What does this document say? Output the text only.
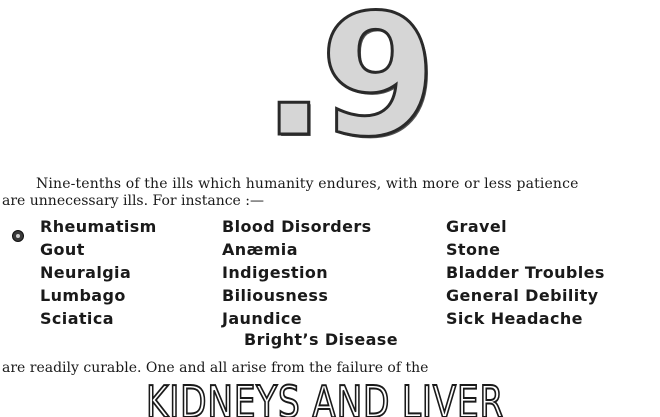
.9
Nine-tenths of the ills which humanity endures, with more or less patience
are unnecessary ills. For instance :—
Rheumatism
Gout
Neuralgia
Lumbago
Sciatica
Blood Disorders
Anæmia
Indigestion
Biliousness
Jaundice
Gravel
Stone
Bladder Troubles
General Debility
Sick Headache
Bright’s Disease
are readily curable. One and all arise from the failure of the
KIDNEYS AND LIVER
